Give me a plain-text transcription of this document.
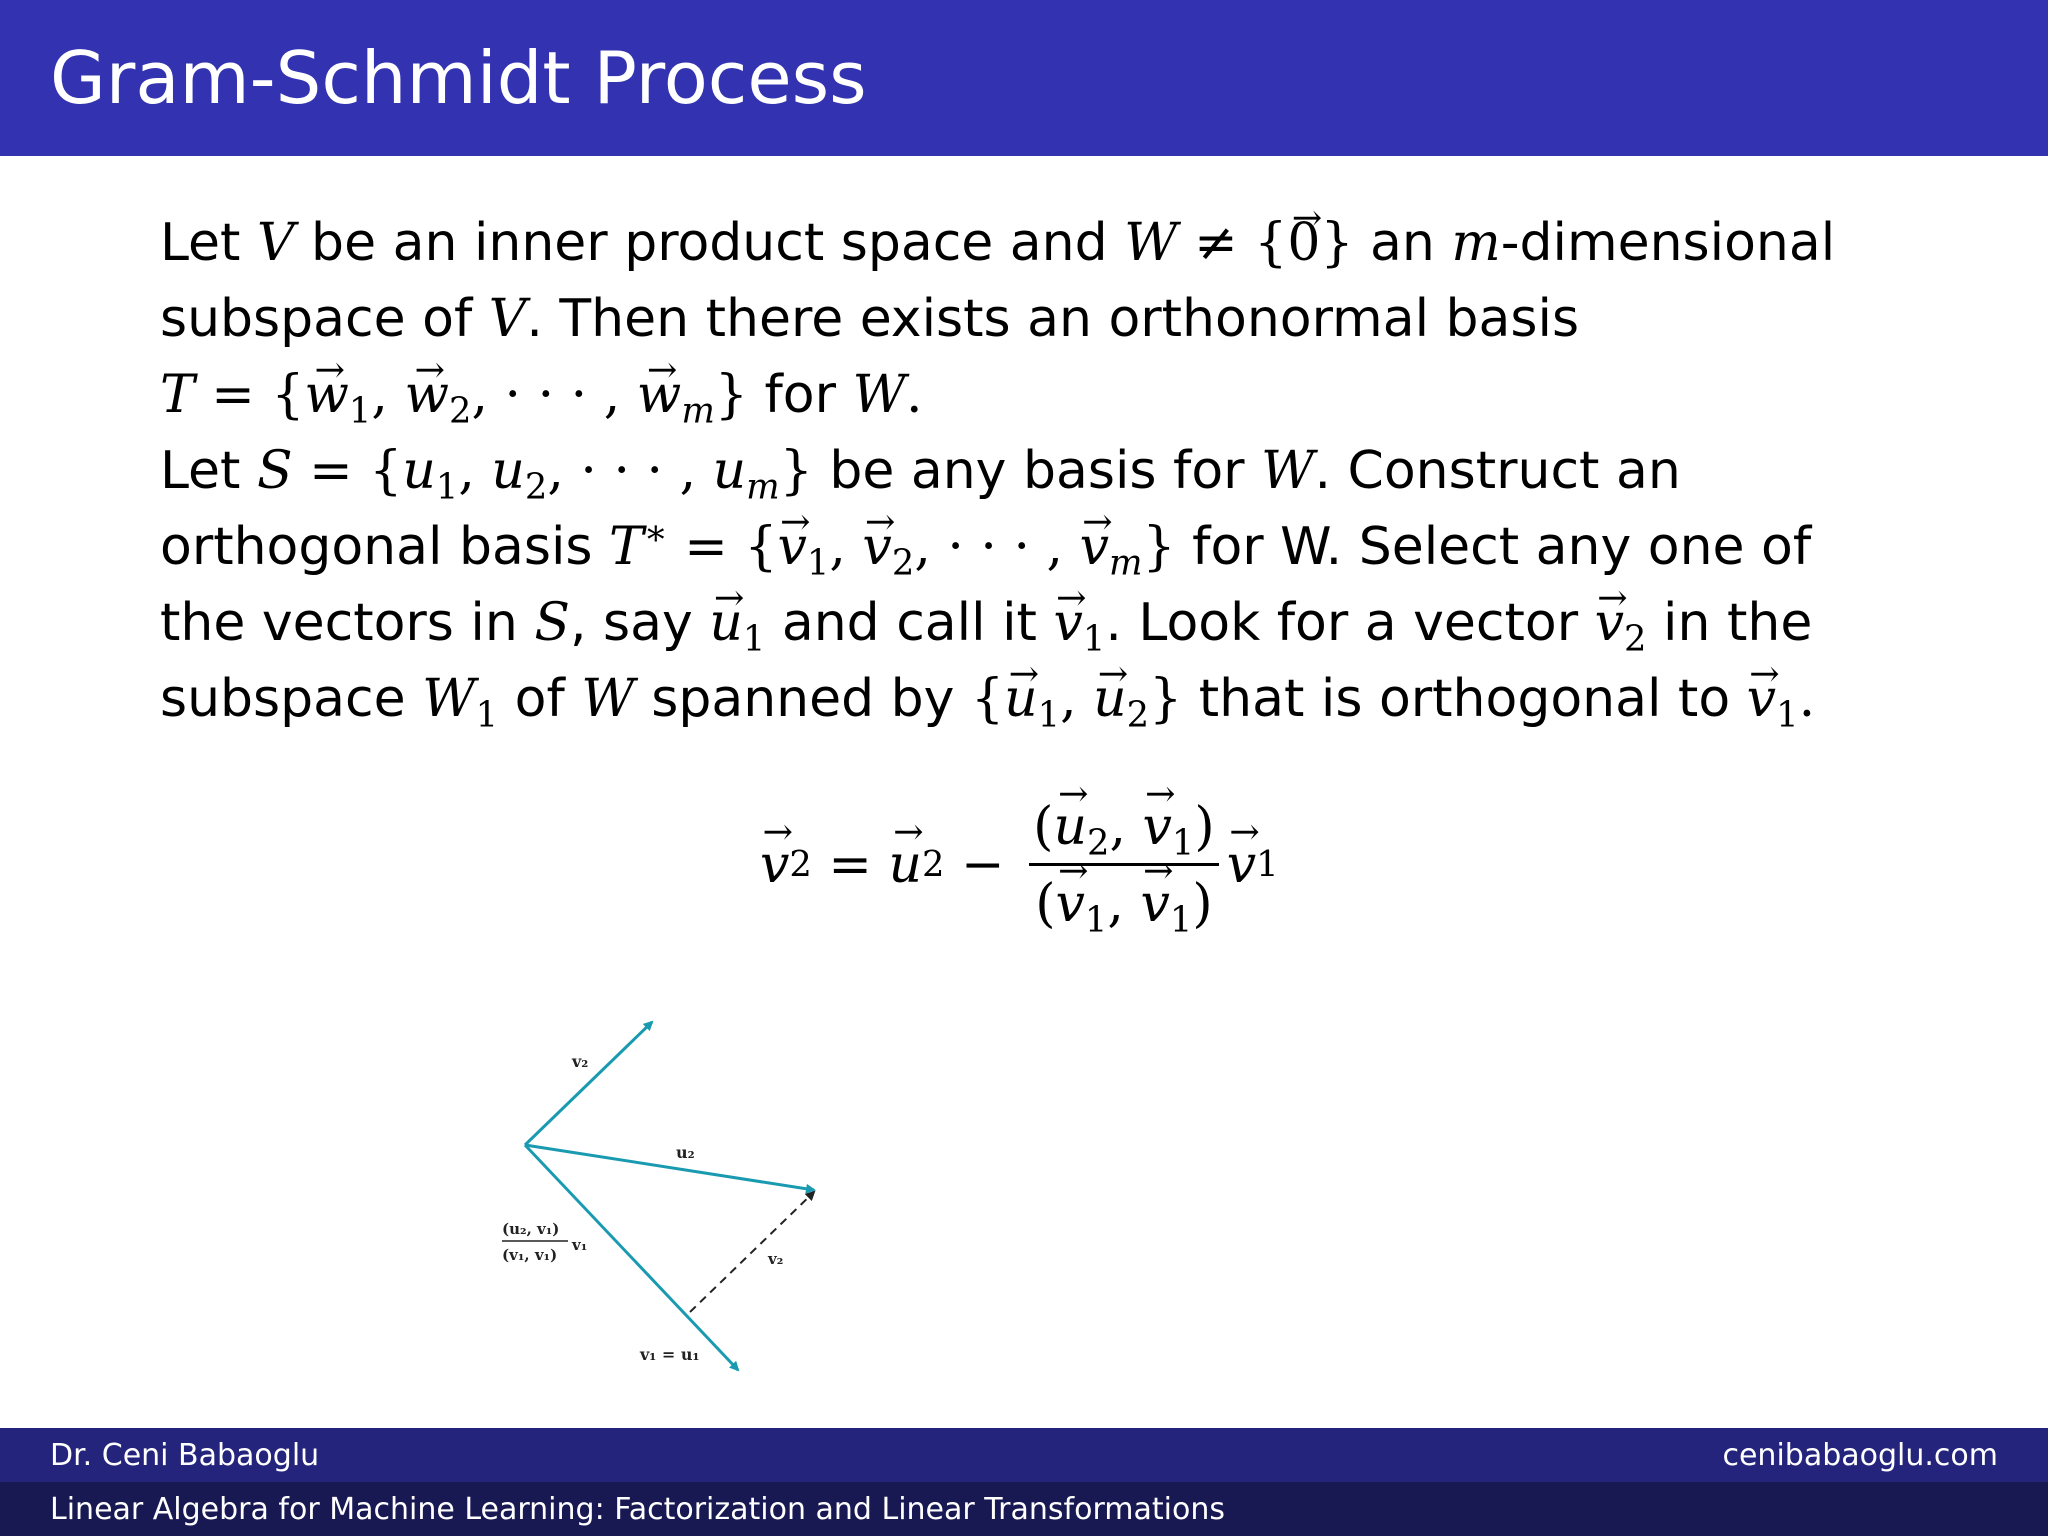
Gram-Schmidt Process
Let V be an inner product space and W ≠ {→ 0} an m-dimensional
subspace of V. Then there exists an orthonormal basis
T = {→ $w_1$, → $w_2$, · · · , → $w_m$} for W.
Let $S = \{u_1$, $u_2$, · · · , $u_m$} be any basis for W. Construct an
orthogonal basis T∗ = {→ $v_1$, → $v_2$, · · · , → $v_m$} for W. Select any one of
the vectors in S, say → $u_1$ and call it → $v_1$. Look for a vector → $v_2$ in the
subspace $W_1$ of W spanned by {→ $u_1$, → $u_2$} that is orthogonal to → $v_1$.
→ v 2 =
→ u $2 - \frac{(\to u_2, \to v_1)}{(\to v_1, \to v_1)}$
→ v 1
v₂
u₂
(u₂, v₁)
(v₁, v₁)
v₁
v₂
v₁ = u₁
Dr. Ceni Babaoglu	cenibabaoglu.com
Linear Algebra for Machine Learning: Factorization and Linear Transformations
